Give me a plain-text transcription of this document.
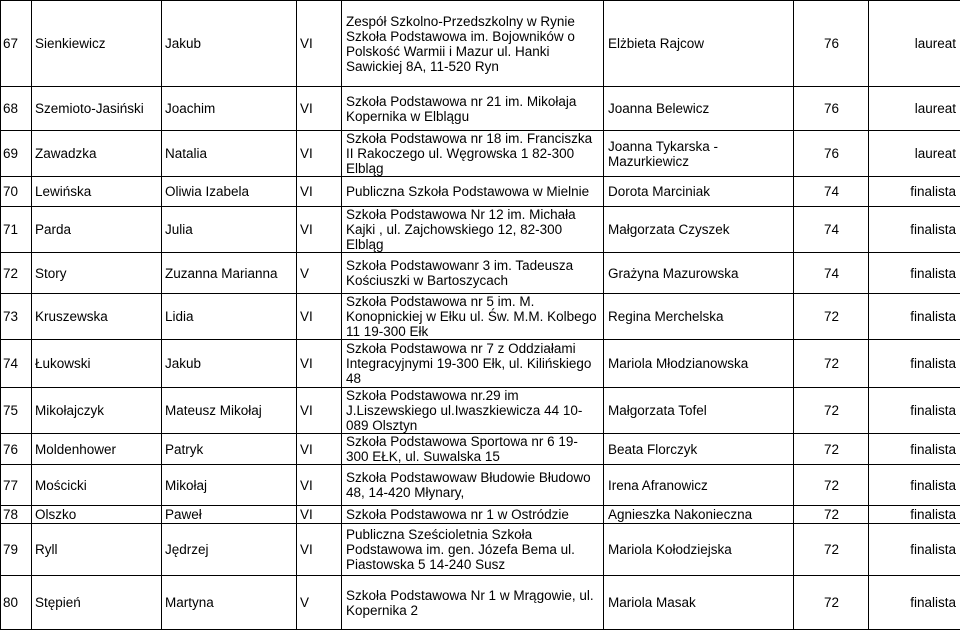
67	Sienkiewicz	Jakub	VI	Zespół Szkolno-Przedszkolny w Rynie Szkoła Podstawowa im. Bojowników o Polskość Warmii i Mazur ul. Hanki Sawickiej 8A, 11-520 Ryn	Elżbieta Rajcow	76	laureat
68	Szemioto-Jasiński	Joachim	VI	Szkoła Podstawowa nr 21 im. Mikołaja Kopernika w Elblągu	Joanna Belewicz	76	laureat
69	Zawadzka	Natalia	VI	Szkoła Podstawowa nr 18 im. Franciszka II Rakoczego ul. Węgrowska 1 82-300 Elbląg	Joanna Tykarska -Mazurkiewicz	76	laureat
70	Lewińska	Oliwia Izabela	VI	Publiczna Szkoła Podstawowa w Mielnie	Dorota Marciniak	74	finalista
71	Parda	Julia	VI	Szkoła Podstawowa Nr 12 im. Michała Kajki , ul. Zajchowskiego 12, 82-300 Elbląg	Małgorzata Czyszek	74	finalista
72	Story	Zuzanna Marianna	V	Szkoła Podstawowanr 3 im. Tadeusza Kościuszki w Bartoszycach	Grażyna Mazurowska	74	finalista
73	Kruszewska	Lidia	VI	Szkoła Podstawowa nr 5 im. M. Konopnickiej w Ełku ul. Św. M.M. Kolbego 11 19-300 Ełk	Regina Merchelska	72	finalista
74	Łukowski	Jakub	VI	Szkoła Podstawowa nr 7 z Oddziałami Integracyjnymi 19-300 Ełk, ul. Kilińskiego 48	Mariola Młodzianowska	72	finalista
75	Mikołajczyk	Mateusz Mikołaj	VI	Szkoła Podstawowa nr.29 im J.Liszewskiego ul.Iwaszkiewicza 44 10-089 Olsztyn	Małgorzata Tofel	72	finalista
76	Moldenhower	Patryk	VI	Szkoła Podstawowa Sportowa nr 6 19-300 EŁK, ul. Suwalska 15	Beata Florczyk	72	finalista
77	Mościcki	Mikołaj	VI	Szkoła Podstawowaw Błudowie Błudowo 48, 14-420 Młynary,	Irena Afranowicz	72	finalista
78	Olszko	Paweł	VI	Szkoła Podstawowa nr 1 w Ostródzie	Agnieszka Nakonieczna	72	finalista
79	Ryll	Jędrzej	VI	Publiczna Sześcioletnia Szkoła Podstawowa im. gen. Józefa Bema ul. Piastowska 5 14-240 Susz	Mariola Kołodziejska	72	finalista
80	Stępień	Martyna	V	Szkoła Podstawowa Nr 1 w Mrągowie, ul. Kopernika 2	Mariola Masak	72	finalista
